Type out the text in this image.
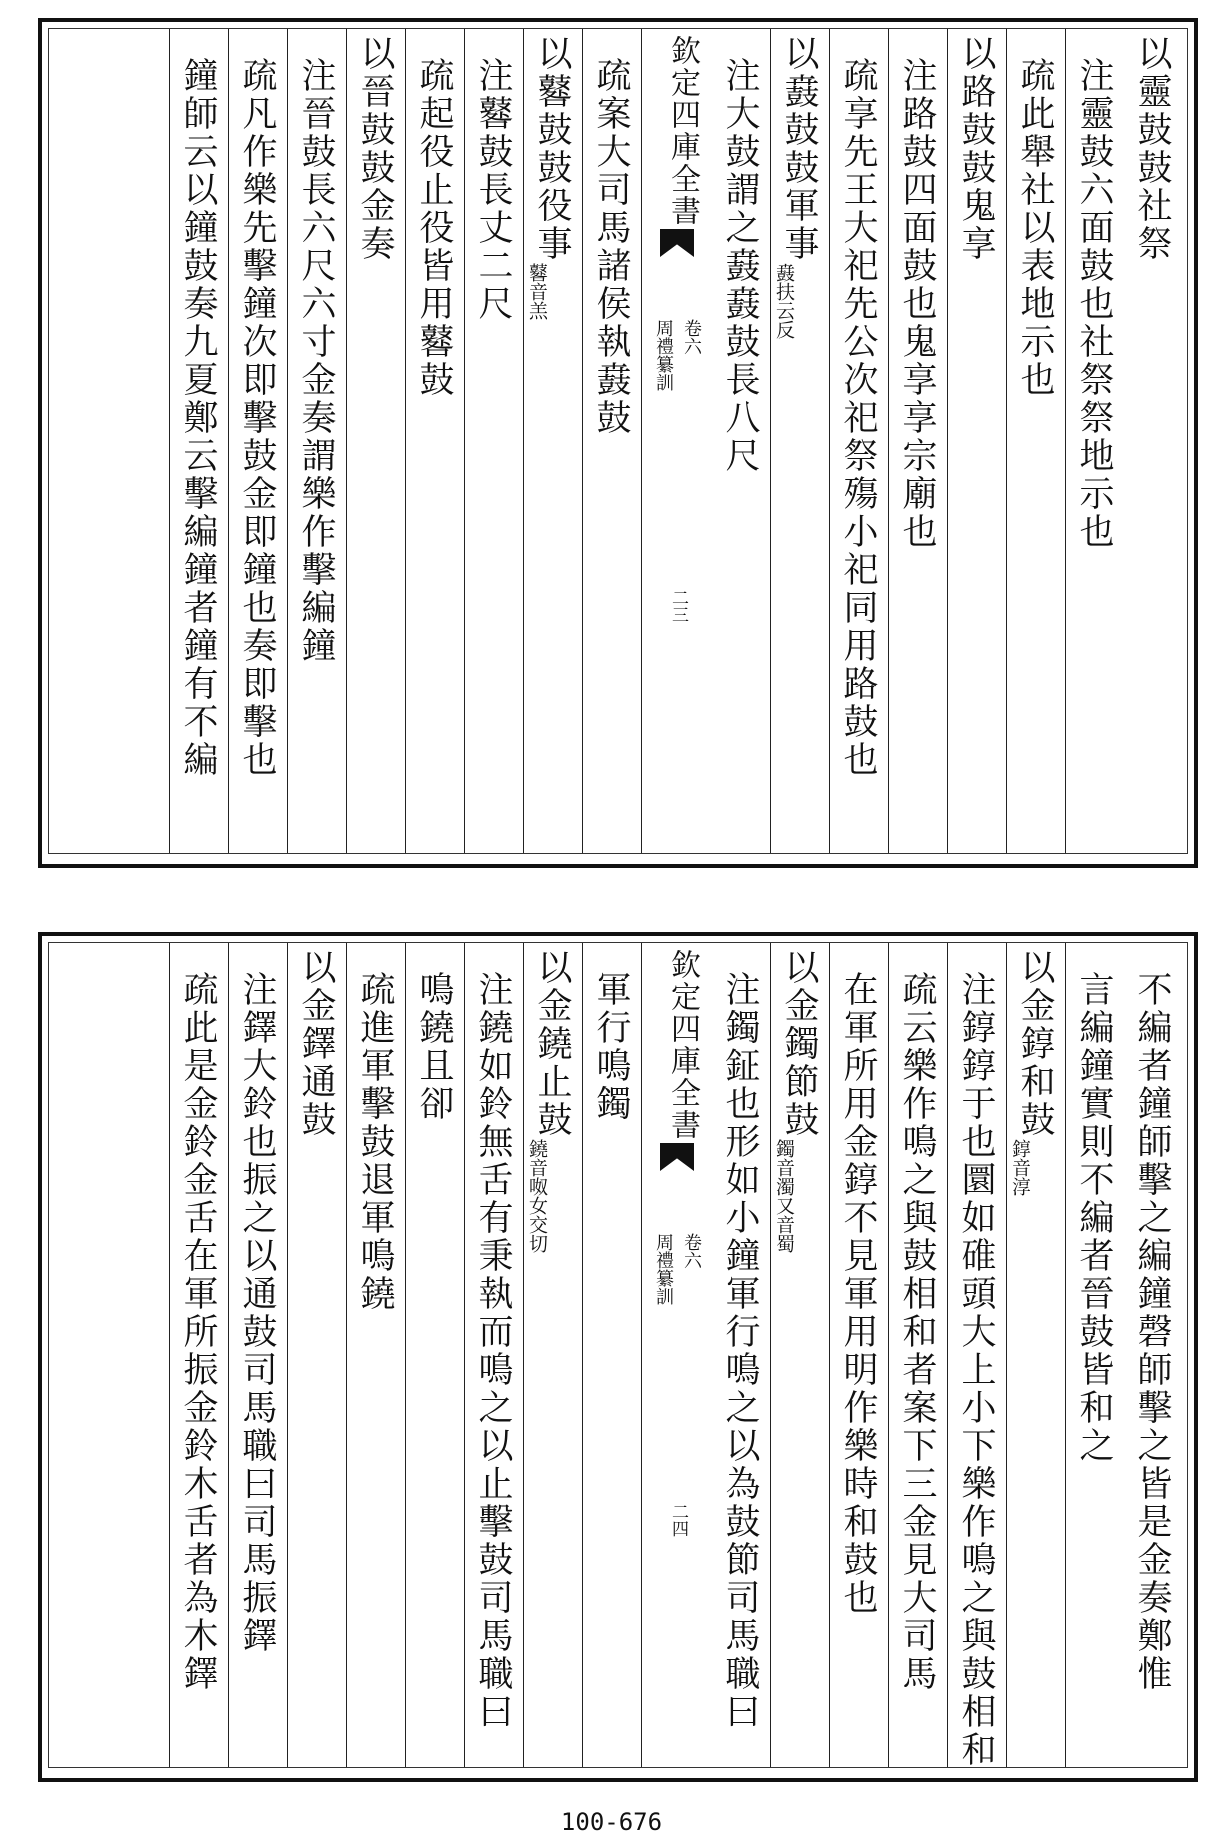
以靈鼓鼓社祭
注靈鼓六面鼓也社祭祭地示也
疏此舉社以表地示也
以路鼓鼓鬼享
注路鼓四面鼓也鬼享享宗廟也
疏享先王大祀先公次祀祭殤小祀同用路鼓也
以鼖鼓鼓軍事
鼖扶云反
注大鼓謂之鼖鼖鼓長八尺
欽定四庫全書
周禮纂訓 卷六
二三
疏案大司馬諸侯執鼖鼓
以鼛鼓鼓役事
鼛音羔
注鼛鼓長丈二尺
疏起役止役皆用鼛鼓
以晉鼓鼓金奏
注晉鼓長六尺六寸金奏謂樂作擊編鐘
疏凡作樂先擊鐘次即擊鼓金即鐘也奏即擊也
鐘師云以鐘鼓奏九夏鄭云擊編鐘者鐘有不編
不編者鐘師擊之編鐘磬師擊之皆是金奏鄭惟
言編鐘實則不編者晉鼓皆和之
以金錞和鼓
錞音淳
注錞錞于也圜如碓頭大上小下樂作鳴之與鼓相和
疏云樂作鳴之與鼓相和者案下三金見大司馬
在軍所用金錞不見軍用明作樂時和鼓也
以金鐲節鼓
鐲音濁又音蜀
注鐲鉦也形如小鐘軍行鳴之以為鼓節司馬職曰
欽定四庫全書
周禮纂訓 卷六
二四
軍行鳴鐲
以金鐃止鼓
鐃音呶女交切
注鐃如鈴無舌有秉執而鳴之以止擊鼓司馬職曰
鳴鐃且卻
疏進軍擊鼓退軍鳴鐃
以金鐸通鼓
注鐸大鈴也振之以通鼓司馬職曰司馬振鐸
疏此是金鈴金舌在軍所振金鈴木舌者為木鐸
100-676
